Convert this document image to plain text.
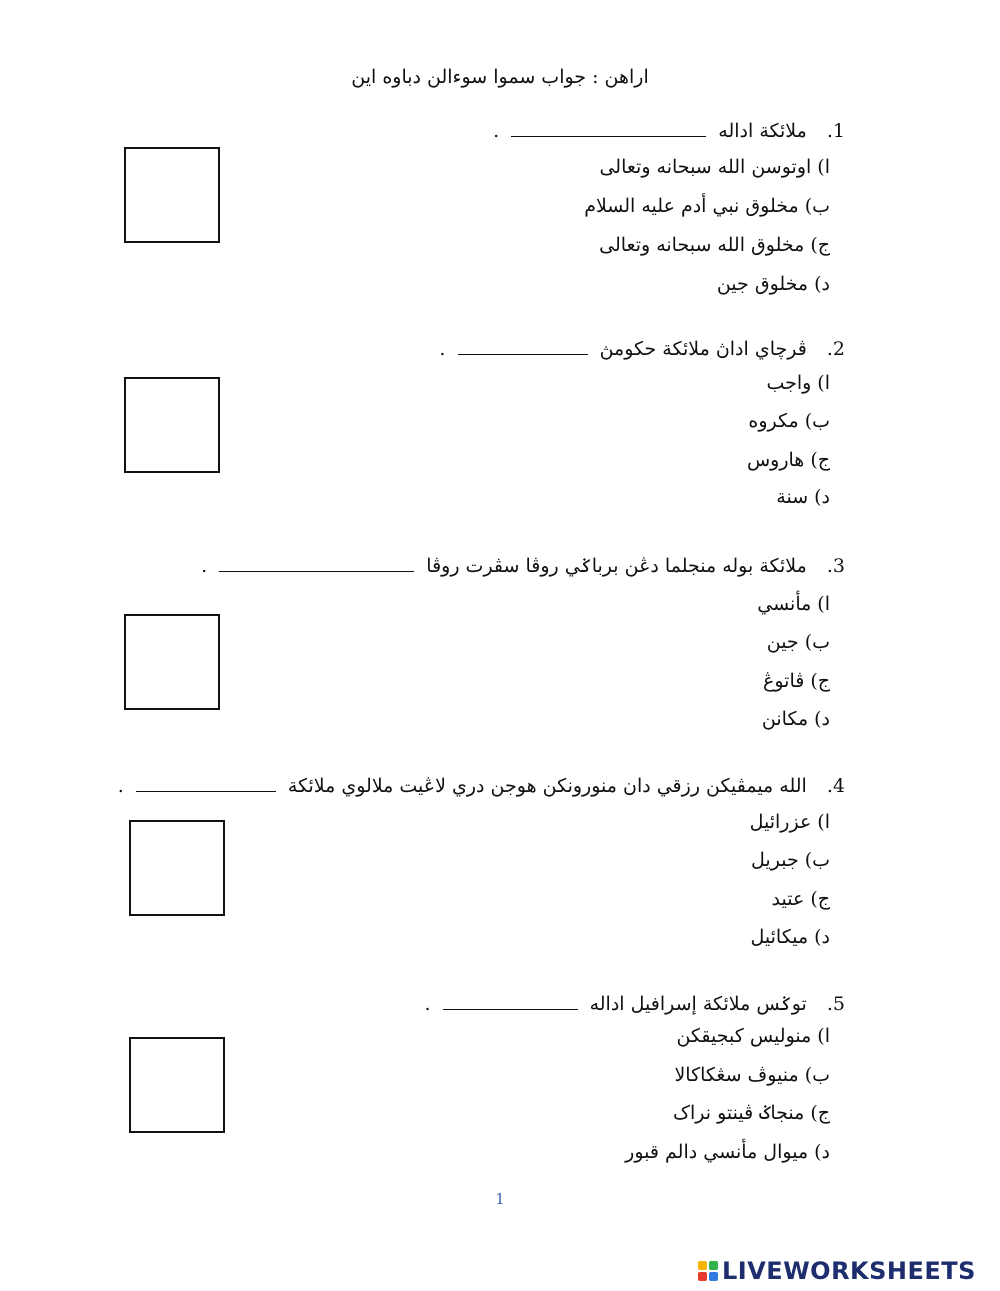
اراهن : جواب سموا سوءالن دباوه اين
1. ملائکة اداله  .
ا)اوتوسن الله سبحانه وتعالى
ب)مخلوق نبي أدم عليه السلام
ج)مخلوق الله سبحانه وتعالى
د)مخلوق جين
2. ڤرچاي اداڽ ملائکة حکومڽ  .
ا)واجب
ب)مکروه
ج)هاروس
د)سنة
3. ملائکة بوله منجلما دڠن بربا‌ݢي روڤا سڤرت روڤا  .
ا)مأنسي
ب)جين
ج)ڤاتوڠ
د)مکانن
4. الله ميمڤيکن رزقي دان منورونکن هوجن دري لاڠيت ملالوي ملائکة  .
ا)عزرائيل
ب)جبريل
ج)عتيد
د)ميکائيل
5. توݢس ملائکة إسرافيل اداله  .
ا)منوليس کبجيقکن
ب)منيوڤ سڠکاکالا
ج)منجاݢ ڤينتو نراک
د)ميوال مأنسي دالم قبور
1
LIVEWORKSHEETS
